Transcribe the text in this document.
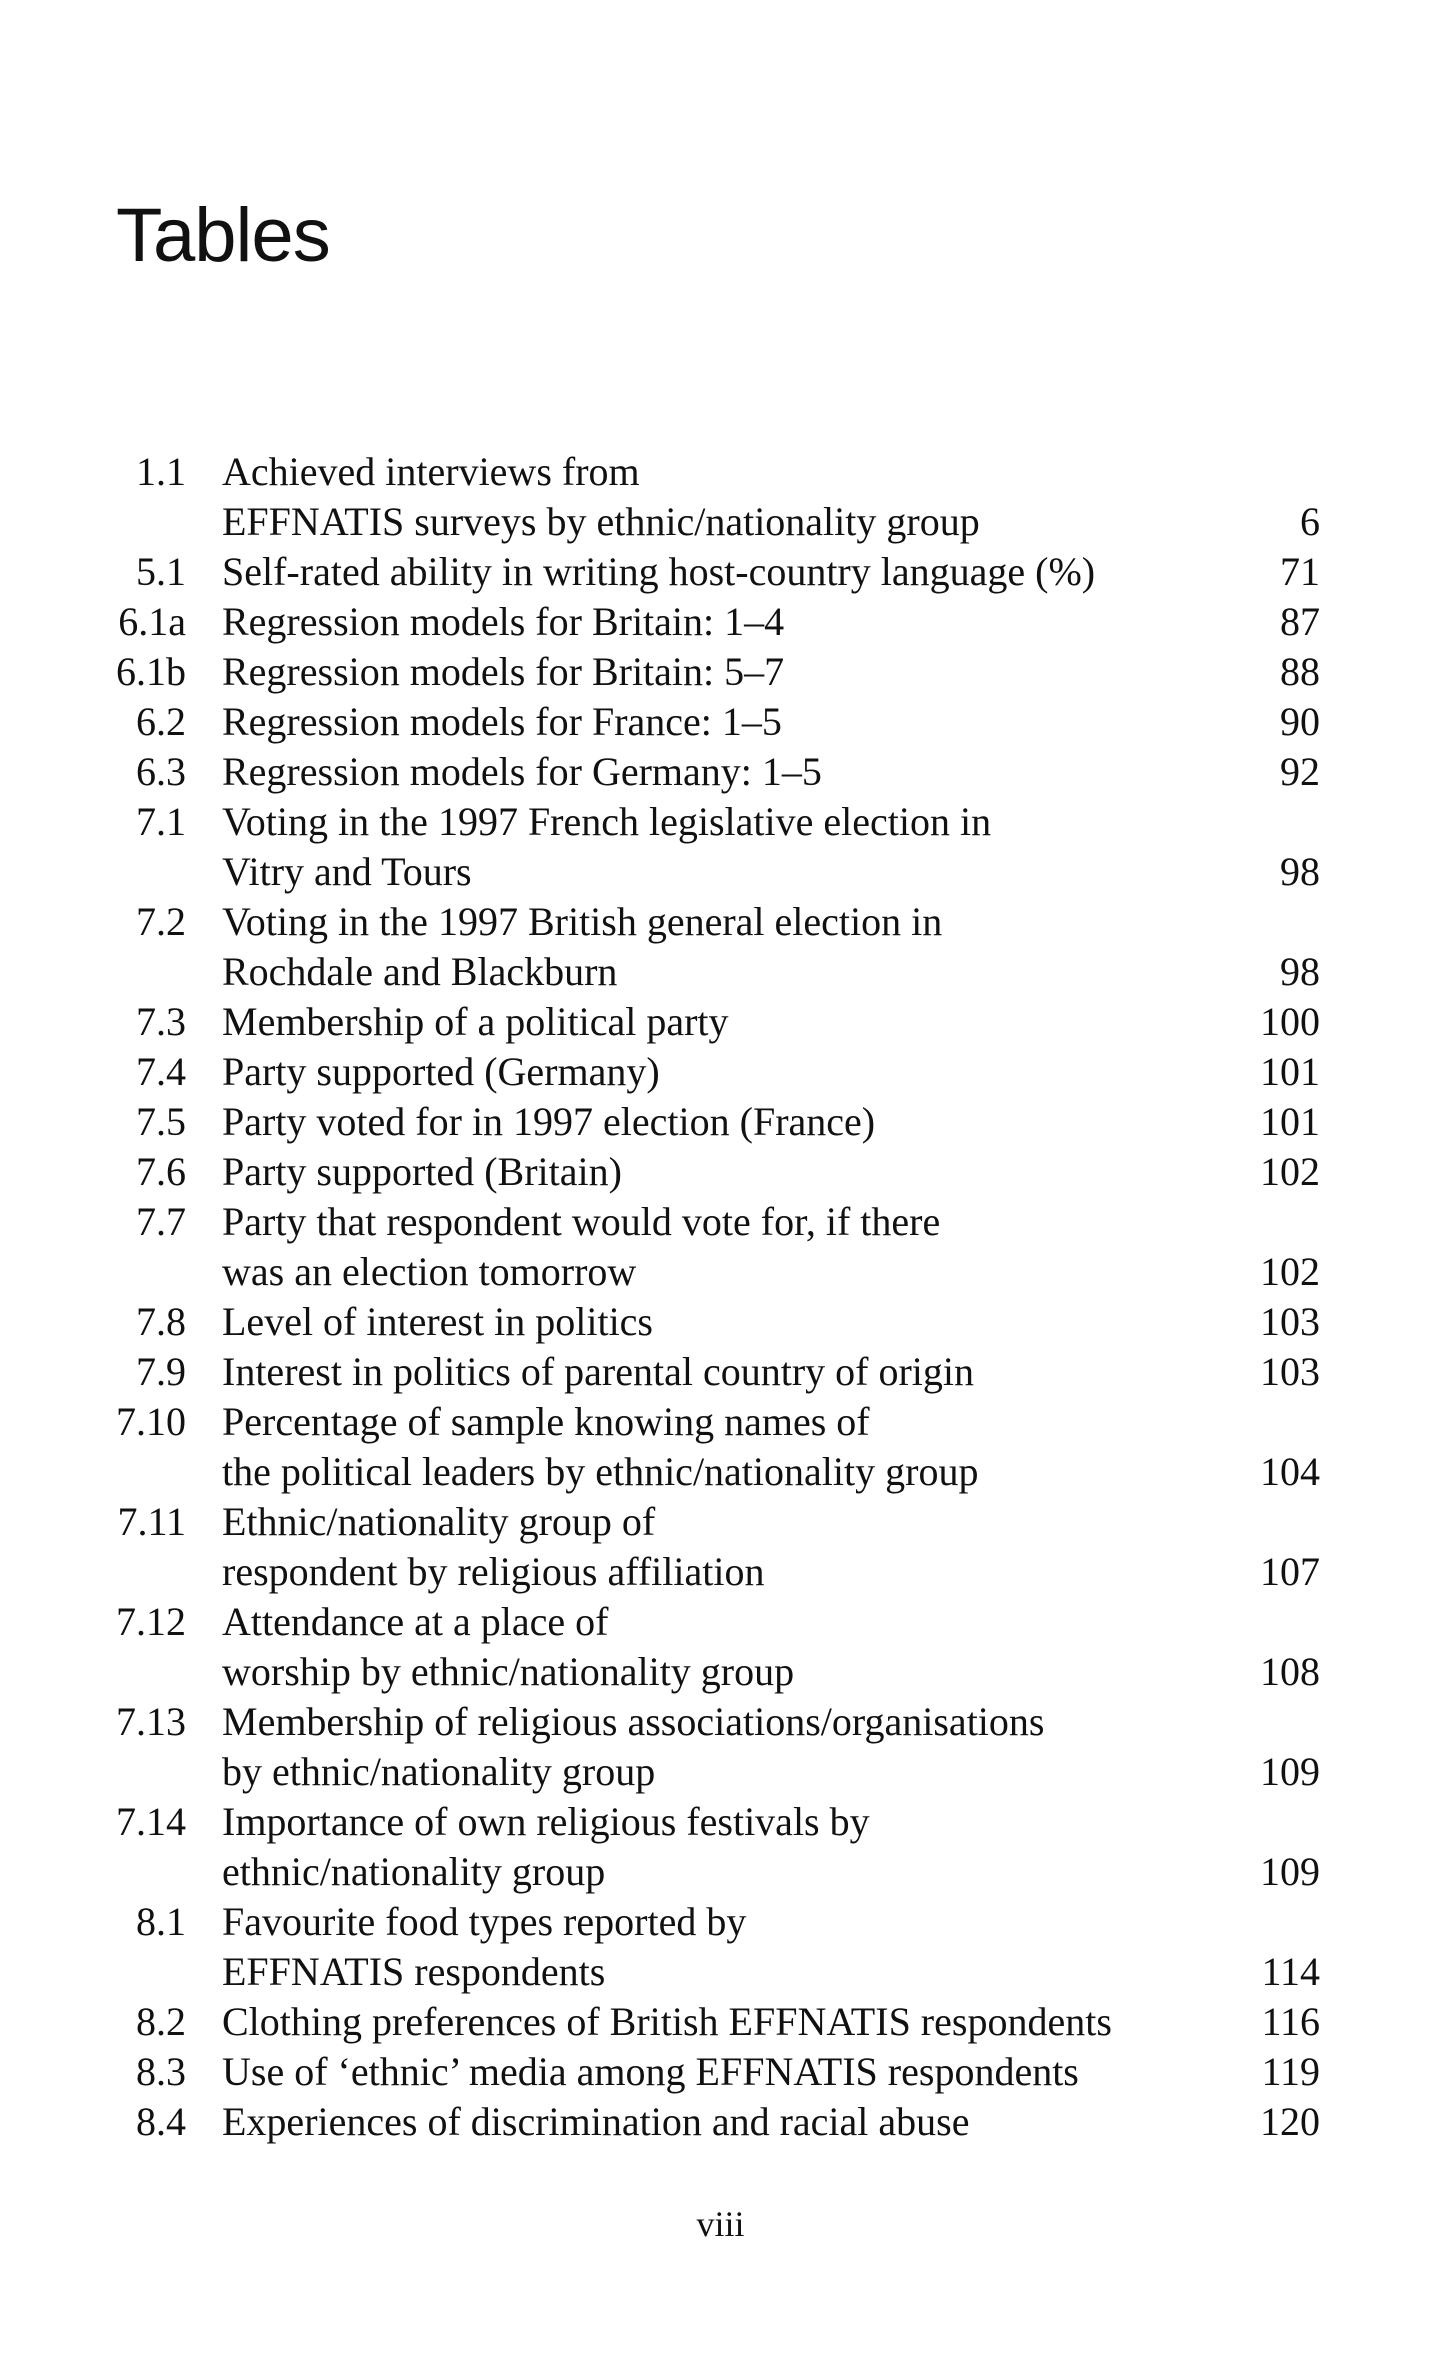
Tables
1.1 Achieved interviews from
EFFNATIS surveys by ethnic/nationality group	6
5.1 Self-rated ability in writing host-country language (%)	71
6.1a Regression models for Britain: 1–4	87
6.1b Regression models for Britain: 5–7	88
6.2 Regression models for France: 1–5	90
6.3 Regression models for Germany: 1–5	92
7.1 Voting in the 1997 French legislative election in
Vitry and Tours	98
7.2 Voting in the 1997 British general election in
Rochdale and Blackburn	98
7.3 Membership of a political party	100
7.4 Party supported (Germany)	101
7.5 Party voted for in 1997 election (France)	101
7.6 Party supported (Britain)	102
7.7 Party that respondent would vote for, if there
was an election tomorrow	102
7.8 Level of interest in politics	103
7.9 Interest in politics of parental country of origin	103
7.10 Percentage of sample knowing names of
the political leaders by ethnic/nationality group	104
7.11 Ethnic/nationality group of
respondent by religious affiliation	107
7.12 Attendance at a place of
worship by ethnic/nationality group	108
7.13 Membership of religious associations/organisations
by ethnic/nationality group	109
7.14 Importance of own religious festivals by
ethnic/nationality group	109
8.1 Favourite food types reported by
EFFNATIS respondents	114
8.2 Clothing preferences of British EFFNATIS respondents	116
8.3 Use of ‘ethnic’ media among EFFNATIS respondents	119
8.4 Experiences of discrimination and racial abuse	120
viii
